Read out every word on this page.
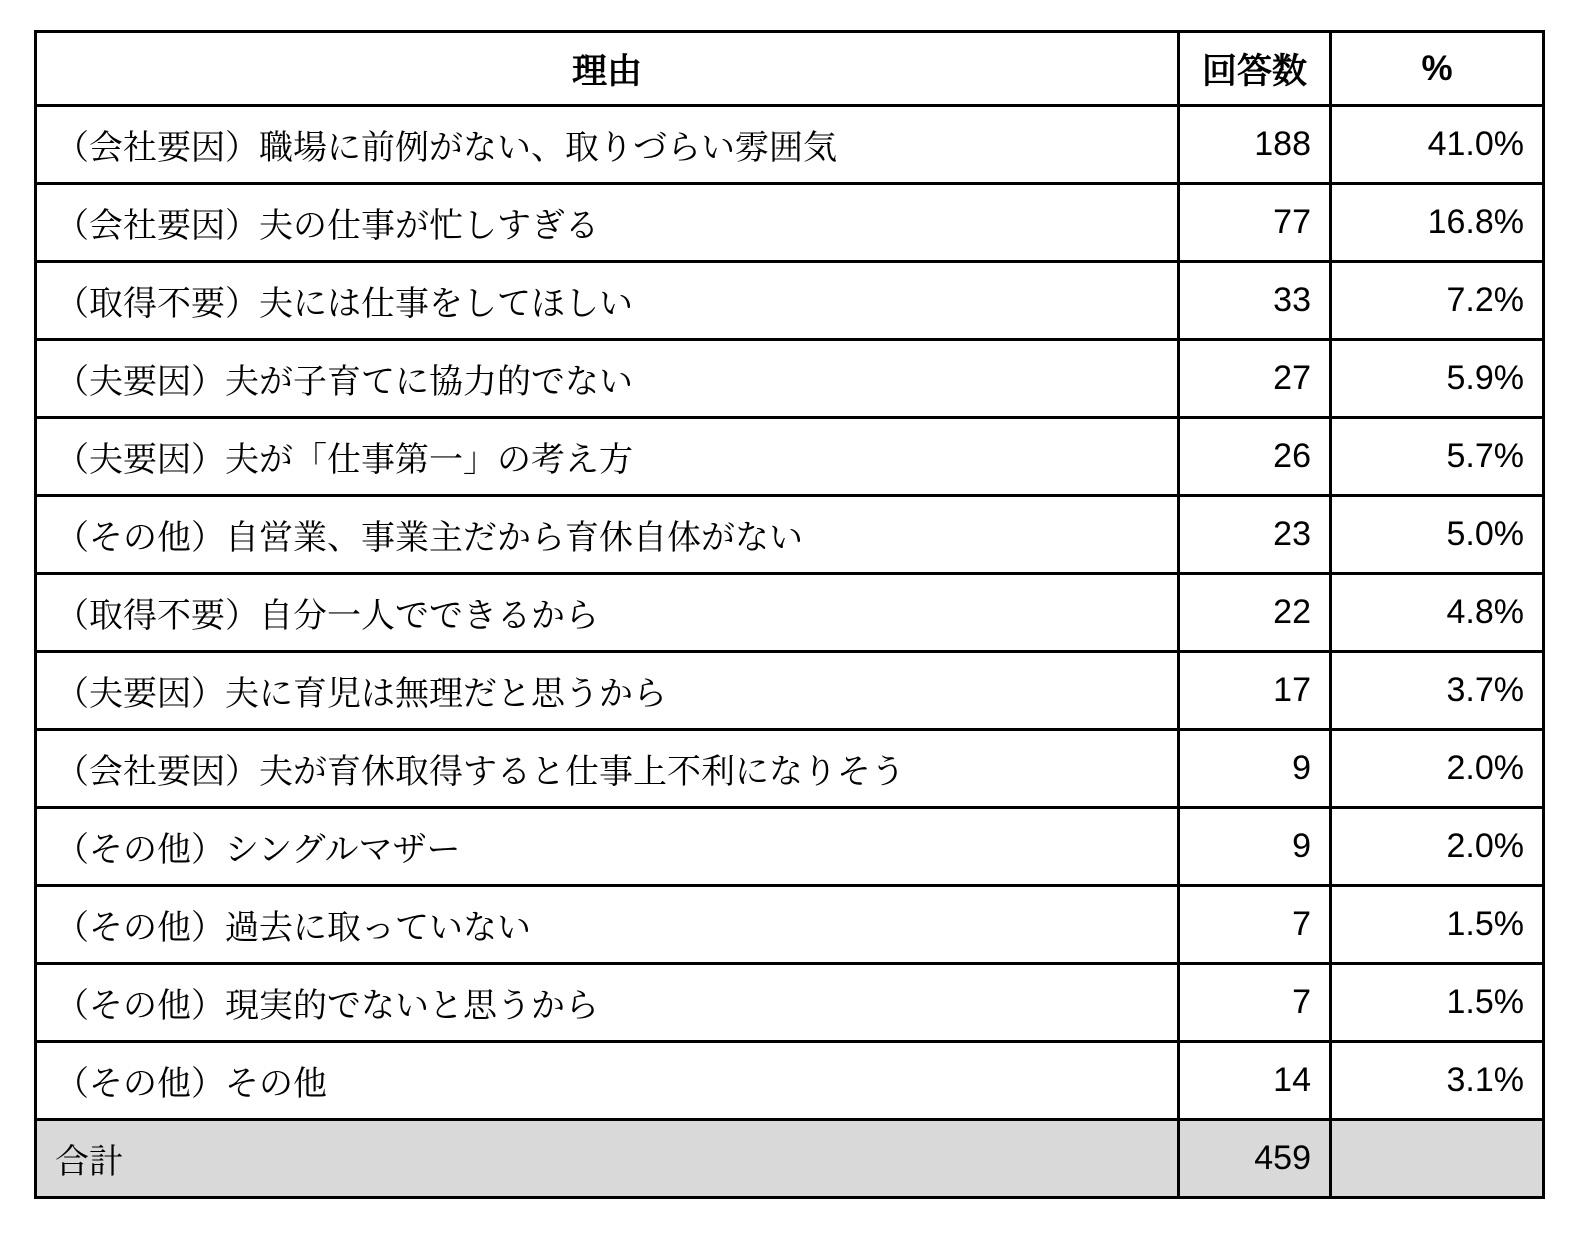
理由	回答数	%
（会社要因）職場に前例がない、取りづらい雰囲気	188	41.0%
（会社要因）夫の仕事が忙しすぎる	77	16.8%
（取得不要）夫には仕事をしてほしい	33	7.2%
（夫要因）夫が子育てに協力的でない	27	5.9%
（夫要因）夫が「仕事第一」の考え方	26	5.7%
（その他）自営業、事業主だから育休自体がない	23	5.0%
（取得不要）自分一人でできるから	22	4.8%
（夫要因）夫に育児は無理だと思うから	17	3.7%
（会社要因）夫が育休取得すると仕事上不利になりそう	9	2.0%
（その他）シングルマザー	9	2.0%
（その他）過去に取っていない	7	1.5%
（その他）現実的でないと思うから	7	1.5%
（その他）その他	14	3.1%
合計	459	
